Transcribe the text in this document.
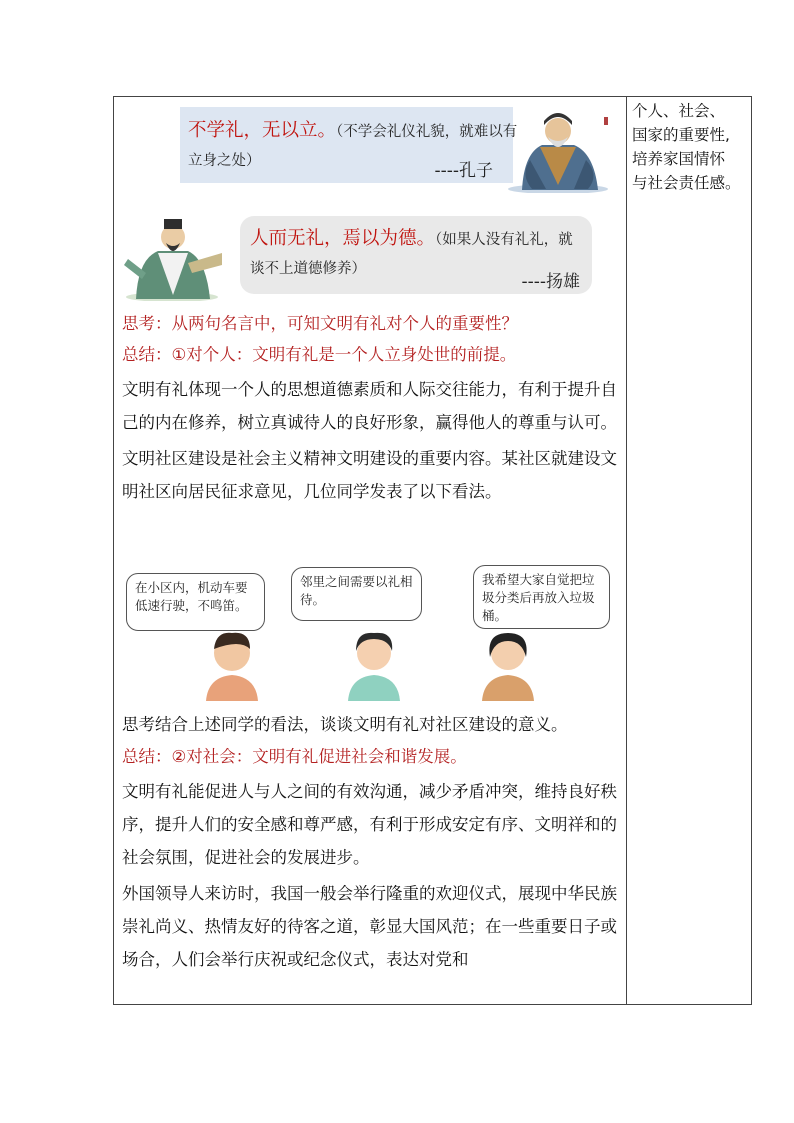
个人、社会、
国家的重要性,
培养家国情怀
与社会责任感。
不学礼，无以立。（不学会礼仪礼貌，就难以有立身之处）	----孔子
人而无礼，焉以为德。（如果人没有礼礼，就谈不上道德修养）
----扬雄

思考：从两句名言中，可知文明有礼对个人的重要性？

总结：①对个人：文明有礼是一个人立身处世的前提。

文明有礼体现一个人的思想道德素质和人际交往能力，有利于提升自己的内在修养，树立真诚待人的良好形象，赢得他人的尊重与认可。

文明社区建设是社会主义精神文明建设的重要内容。某社区就建设文明社区向居民征求意见，几位同学发表了以下看法。

在小区内，机动车要低速行驶，不鸣笛。
邻里之间需要以礼相待。
我希望大家自觉把垃圾分类后再放入垃圾桶。

思考结合上述同学的看法，谈谈文明有礼对社区建设的意义。

总结：②对社会：文明有礼促进社会和谐发展。

文明有礼能促进人与人之间的有效沟通，减少矛盾冲突，维持良好秩序，提升人们的安全感和尊严感，有利于形成安定有序、文明祥和的社会氛围，促进社会的发展进步。

外国领导人来访时，我国一般会举行隆重的欢迎仪式，展现中华民族崇礼尚义、热情友好的待客之道，彰显大国风范；在一些重要日子或场合，人们会举行庆祝或纪念仪式，表达对党和
